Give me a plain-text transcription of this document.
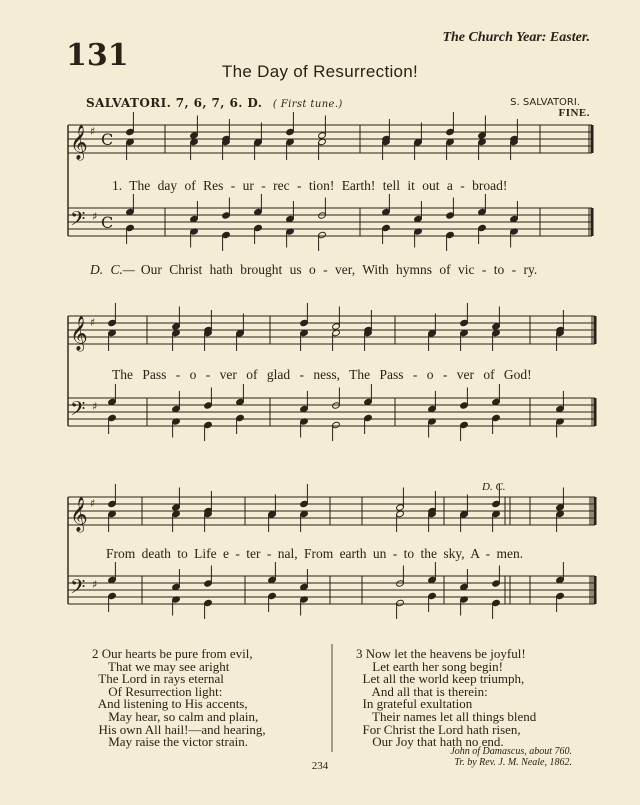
131
The Church Year: Easter.
The Day of Resurrection!
SALVATORI. 7, 6, 7, 6. D. ( First tune.)	S. SALVATORI.
FINE.
D. C.
𝄞
𝄢
♯
♯
C
C
𝄞
𝄢
♯
♯
𝄞
𝄢
♯
♯
1. The day of Res - ur - rec - tion! Earth! tell it out a - broad!
D. C.— Our Christ hath brought us o - ver, With hymns of vic - to - ry.
The Pass - o - ver of glad - ness, The Pass - o - ver of God!
From death to Life e - ter - nal, From earth un - to the sky, A - men.
2 Our hearts be pure from evil,
That we may see aright
The Lord in rays eternal
Of Resurrection light:
And listening to His accents,
May hear, so calm and plain,
His own All hail!—and hearing,
May raise the victor strain.
3 Now let the heavens be joyful!
Let earth her song begin!
Let all the world keep triumph,
And all that is therein:
In grateful exultation
Their names let all things blend
For Christ the Lord hath risen,
Our Joy that hath no end.
John of Damascus, about 760.
Tr. by Rev. J. M. Neale, 1862.
234
